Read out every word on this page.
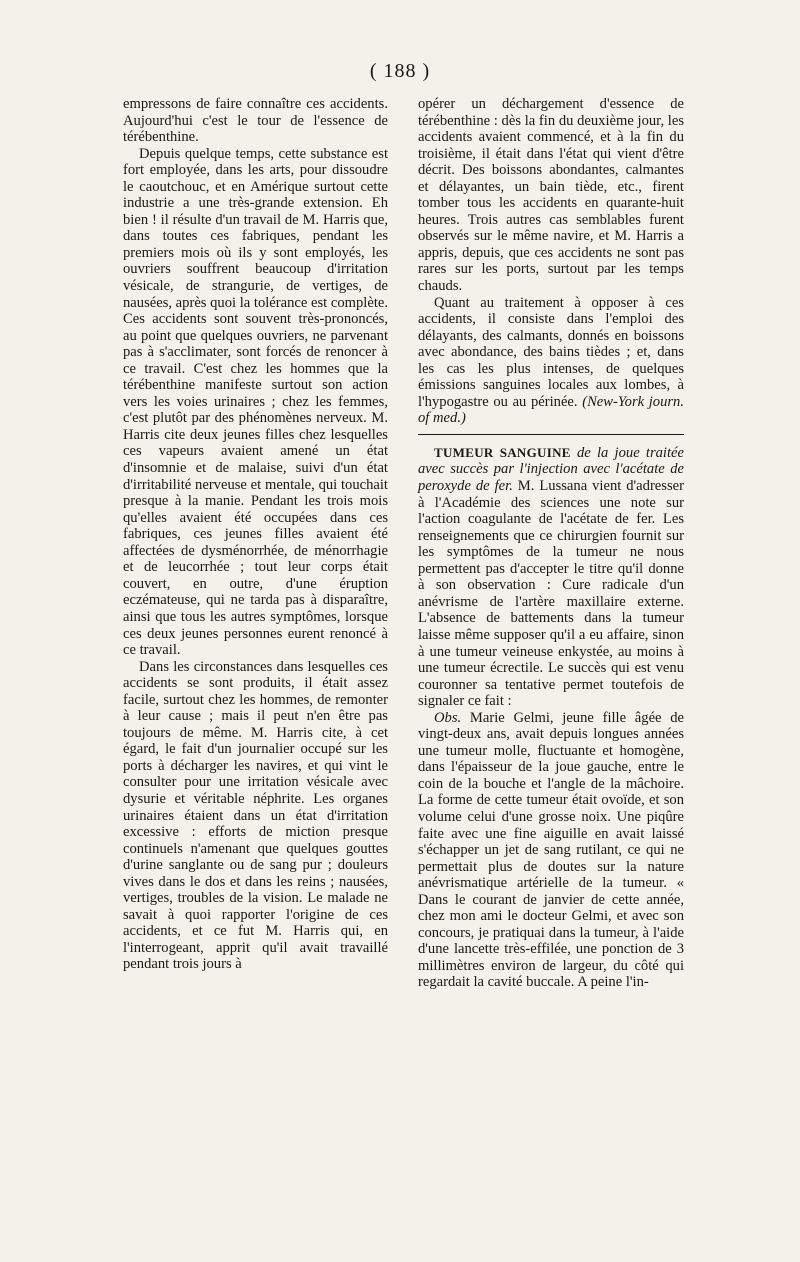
( 188 )

empressons de faire connaître ces accidents. Aujourd'hui c'est le tour de l'essence de térébenthine.

Depuis quelque temps, cette substance est fort employée, dans les arts, pour dissoudre le caoutchouc, et en Amérique surtout cette industrie a une très-grande extension. Eh bien ! il résulte d'un travail de M. Harris que, dans toutes ces fabriques, pendant les premiers mois où ils y sont employés, les ouvriers souffrent beaucoup d'irritation vésicale, de strangurie, de vertiges, de nausées, après quoi la tolérance est complète. Ces accidents sont souvent très-prononcés, au point que quelques ouvriers, ne parvenant pas à s'acclimater, sont forcés de renoncer à ce travail. C'est chez les hommes que la térébenthine manifeste surtout son action vers les voies urinaires ; chez les femmes, c'est plutôt par des phénomènes nerveux. M. Harris cite deux jeunes filles chez lesquelles ces vapeurs avaient amené un état d'insomnie et de malaise, suivi d'un état d'irritabilité nerveuse et mentale, qui touchait presque à la manie. Pendant les trois mois qu'elles avaient été occupées dans ces fabriques, ces jeunes filles avaient été affectées de dysménorrhée, de ménorrhagie et de leucorrhée ; tout leur corps était couvert, en outre, d'une éruption eczémateuse, qui ne tarda pas à disparaître, ainsi que tous les autres symptômes, lorsque ces deux jeunes personnes eurent renoncé à ce travail.

Dans les circonstances dans lesquelles ces accidents se sont produits, il était assez facile, surtout chez les hommes, de remonter à leur cause ; mais il peut n'en être pas toujours de même. M. Harris cite, à cet égard, le fait d'un journalier occupé sur les ports à décharger les navires, et qui vint le consulter pour une irritation vésicale avec dysurie et véritable néphrite. Les organes urinaires étaient dans un état d'irritation excessive : efforts de miction presque continuels n'amenant que quelques gouttes d'urine sanglante ou de sang pur ; douleurs vives dans le dos et dans les reins ; nausées, vertiges, troubles de la vision. Le malade ne savait à quoi rapporter l'origine de ces accidents, et ce fut M. Harris qui, en l'interrogeant, apprit qu'il avait travaillé pendant trois jours à

opérer un déchargement d'essence de térébenthine : dès la fin du deuxième jour, les accidents avaient commencé, et à la fin du troisième, il était dans l'état qui vient d'être décrit. Des boissons abondantes, calmantes et délayantes, un bain tiède, etc., firent tomber tous les accidents en quarante-huit heures. Trois autres cas semblables furent observés sur le même navire, et M. Harris a appris, depuis, que ces accidents ne sont pas rares sur les ports, surtout par les temps chauds.

Quant au traitement à opposer à ces accidents, il consiste dans l'emploi des délayants, des calmants, donnés en boissons avec abondance, des bains tièdes ; et, dans les cas les plus intenses, de quelques émissions sanguines locales aux lombes, à l'hypogastre ou au périnée. (New-York journ. of med.)

TUMEUR SANGUINE de la joue traitée avec succès par l'injection avec l'acétate de peroxyde de fer. M. Lussana vient d'adresser à l'Académie des sciences une note sur l'action coagulante de l'acétate de fer. Les renseignements que ce chirurgien fournit sur les symptômes de la tumeur ne nous permettent pas d'accepter le titre qu'il donne à son observation : Cure radicale d'un anévrisme de l'artère maxillaire externe. L'absence de battements dans la tumeur laisse même supposer qu'il a eu affaire, sinon à une tumeur veineuse enkystée, au moins à une tumeur écrectile. Le succès qui est venu couronner sa tentative permet toutefois de signaler ce fait :

Obs. Marie Gelmi, jeune fille âgée de vingt-deux ans, avait depuis longues années une tumeur molle, fluctuante et homogène, dans l'épaisseur de la joue gauche, entre le coin de la bouche et l'angle de la mâchoire. La forme de cette tumeur était ovoïde, et son volume celui d'une grosse noix. Une piqûre faite avec une fine aiguille en avait laissé s'échapper un jet de sang rutilant, ce qui ne permettait plus de doutes sur la nature anévrismatique artérielle de la tumeur. « Dans le courant de janvier de cette année, chez mon ami le docteur Gelmi, et avec son concours, je pratiquai dans la tumeur, à l'aide d'une lancette très-effilée, une ponction de 3 millimètres environ de largeur, du côté qui regardait la cavité buccale. A peine l'in-
